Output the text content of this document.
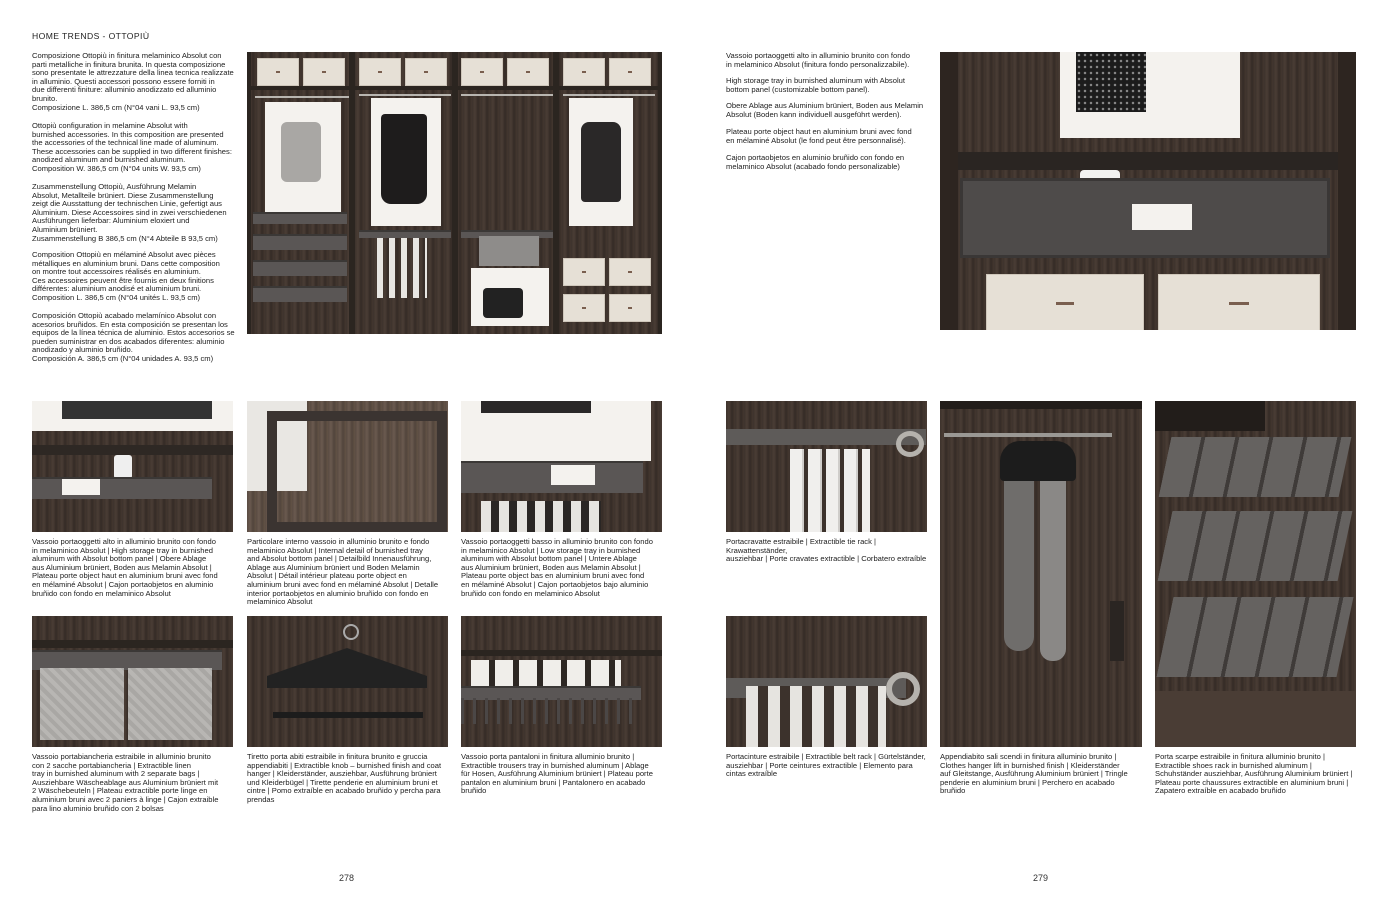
HOME TRENDS - OTTOPIÙ
Composizione Ottopiù in finitura melaminico Absolut con
parti metalliche in finitura brunita. In questa composizione
sono presentate le attrezzature della linea tecnica realizzate
in alluminio. Questi accessori possono essere forniti in
due differenti finiture: alluminio anodizzato ed alluminio
brunito.
Composizione L. 386,5 cm (N°04 vani L. 93,5 cm)
Ottopiù configuration in melamine Absolut with
burnished accessories. In this composition are presented
the accessories of the technical line made of aluminum.
These accessories can be supplied in two different finishes:
anodized aluminum and burnished aluminum.
Composition W. 386,5 cm (N°04 units W. 93,5 cm)
Zusammenstellung Ottopiù, Ausführung Melamin
Absolut, Metallteile brüniert. Diese Zusammenstellung
zeigt die Ausstattung der technischen Linie, gefertigt aus
Aluminium. Diese Accessoires sind in zwei verschiedenen
Ausführungen lieferbar: Aluminium eloxiert und
Aluminium brüniert.
Zusammenstellung B 386,5 cm (N°4 Abteile B 93,5 cm)
Composition Ottopiù en mélaminé Absolut avec pièces
métalliques en aluminium bruni. Dans cette composition
on montre tout accessoires réalisés en aluminium.
Ces accessoires peuvent être fournis en deux finitions
différentes: aluminium anodisé et aluminium bruni.
Composition L. 386,5 cm (N°04 unités L. 93,5 cm)
Composición Ottopiù acabado melamínico Absolut con
acesorios bruñidos. En esta composición se presentan los
equipos de la línea técnica de aluminio. Estos accesorios se
pueden suministrar en dos acabados diferentes: aluminio
anodizado y aluminio bruñido.
Composición A. 386,5 cm (N°04 unidades A. 93,5 cm)
Vassoio portaoggetti alto in alluminio brunito con fondo
in melaminico Absolut | High storage tray in burnished
aluminum with Absolut bottom panel | Obere Ablage
aus Aluminium brüniert, Boden aus Melamin Absolut |
Plateau porte object haut en aluminium bruni avec fond
en mélaminé Absolut | Cajon portaobjetos en aluminio
bruñido con fondo en melaminico Absolut
Particolare interno vassoio in alluminio brunito e fondo
melaminico Absolut | Internal detail of burnished tray
and Absolut bottom panel | Detailbild Innenausführung,
Ablage aus Aluminium brüniert und Boden Melamin
Absolut | Détail intérieur plateau porte object en
aluminium bruni avec fond en mélaminé Absolut | Detalle
interior portaobjetos en aluminio bruñido con fondo en
melaminico Absolut
Vassoio portaoggetti basso in alluminio brunito con fondo
in melaminico Absolut | Low storage tray in burnished
aluminum with Absolut bottom panel | Untere Ablage
aus Aluminium brüniert, Boden aus Melamin Absolut |
Plateau porte object bas en aluminium bruni avec fond
en mélaminé Absolut | Cajon portaobjetos bajo aluminio
bruñido con fondo en melaminico Absolut
Vassoio portabiancheria estraibile in alluminio brunito
con 2 sacche portabiancheria | Extractible linen
tray in burnished aluminum with 2 separate bags |
Ausziehbare Wäscheablage aus Aluminium brüniert mit
2 Wäschebeuteln | Plateau extractible porte linge en
aluminium bruni avec 2 paniers à linge | Cajon extraible
para lino aluminio bruñido con 2 bolsas
Tiretto porta abiti estraibile in finitura brunito e gruccia
appendiabiti | Extractible knob – burnished finish and coat
hanger | Kleiderständer, ausziehbar, Ausführung brüniert
und Kleiderbügel | Tirette penderie en aluminium bruni et
cintre | Pomo extraíble en acabado bruñido y percha para
prendas
Vassoio porta pantaloni in finitura alluminio brunito |
Extractible trousers tray in burnished aluminum | Ablage
für Hosen, Ausführung Aluminium brüniert | Plateau porte
pantalon en aluminium bruni | Pantalonero en acabado
bruñido
278
Vassoio portaoggetti alto in alluminio brunito con fondo
in melaminico Absolut (finitura fondo personalizzabile).
High storage tray in burnished aluminum with Absolut
bottom panel (customizable bottom panel).
Obere Ablage aus Aluminium brüniert, Boden aus Melamin
Absolut (Boden kann individuell ausgeführt werden).
Plateau porte object haut en aluminium bruni avec fond
en mélaminé Absolut (le fond peut être personnalisé).
Cajon portaobjetos en aluminio bruñido con fondo en
melaminico Absolut (acabado fondo personalizable)
Portacravatte estraibile | Extractible tie rack | Krawattenständer,
ausziehbar | Porte cravates extractible | Corbatero extraíble
Portacinture estraibile | Extractible belt rack | Gürtelständer,
ausziehbar | Porte ceintures extractible | Elemento para
cintas extraíble
Appendiabito sali scendi in finitura alluminio brunito |
Clothes hanger lift in burnished finish | Kleiderständer
auf Gleitstange, Ausführung Aluminium brüniert | Tringle
penderie en aluminium bruni | Perchero en acabado
bruñido
Porta scarpe estraibile in finitura alluminio brunito |
Extractible shoes rack in burnished aluminum |
Schuhständer ausziehbar, Ausführung Aluminium brüniert |
Plateau porte chaussures extractible en aluminium bruni |
Zapatero extraíble en acabado bruñido
279
